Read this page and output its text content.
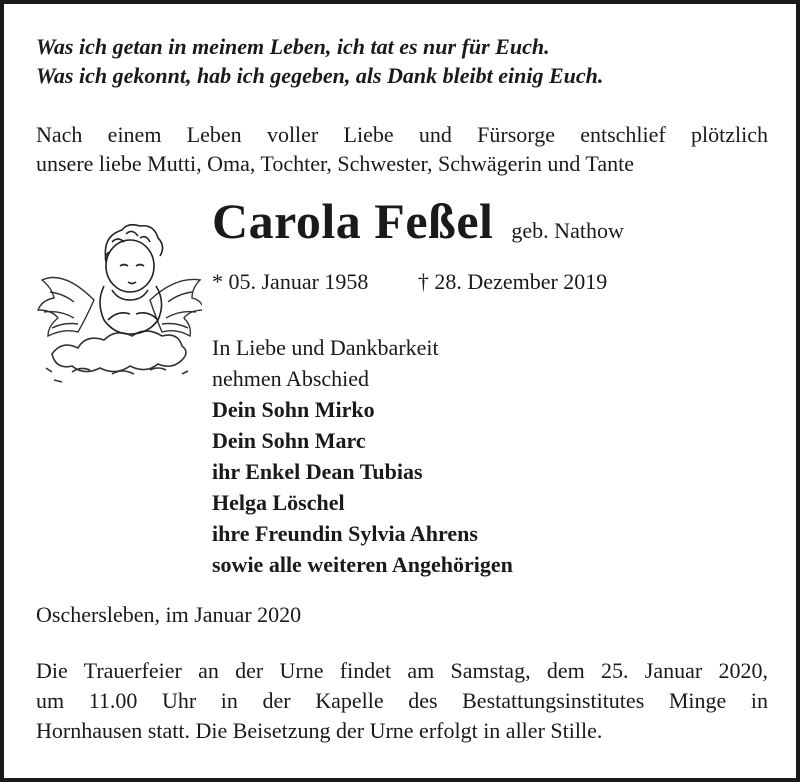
Was ich getan in meinem Leben, ich tat es nur für Euch.
Was ich gekonnt, hab ich gegeben, als Dank bleibt einig Euch.
Nach einem Leben voller Liebe und Fürsorge entschlief plötzlich
unsere liebe Mutti, Oma, Tochter, Schwester, Schwägerin und Tante
Carola Feßel geb. Nathow
* 05. Januar 1958 † 28. Dezember 2019
In Liebe und Dankbarkeit
nehmen Abschied
Dein Sohn Mirko
Dein Sohn Marc
ihr Enkel Dean Tubias
Helga Löschel
ihre Freundin Sylvia Ahrens
sowie alle weiteren Angehörigen
Oschersleben, im Januar 2020
Die Trauerfeier an der Urne findet am Samstag, dem 25. Januar 2020,
um 11.00 Uhr in der Kapelle des Bestattungsinstitutes Minge in
Hornhausen statt. Die Beisetzung der Urne erfolgt in aller Stille.
